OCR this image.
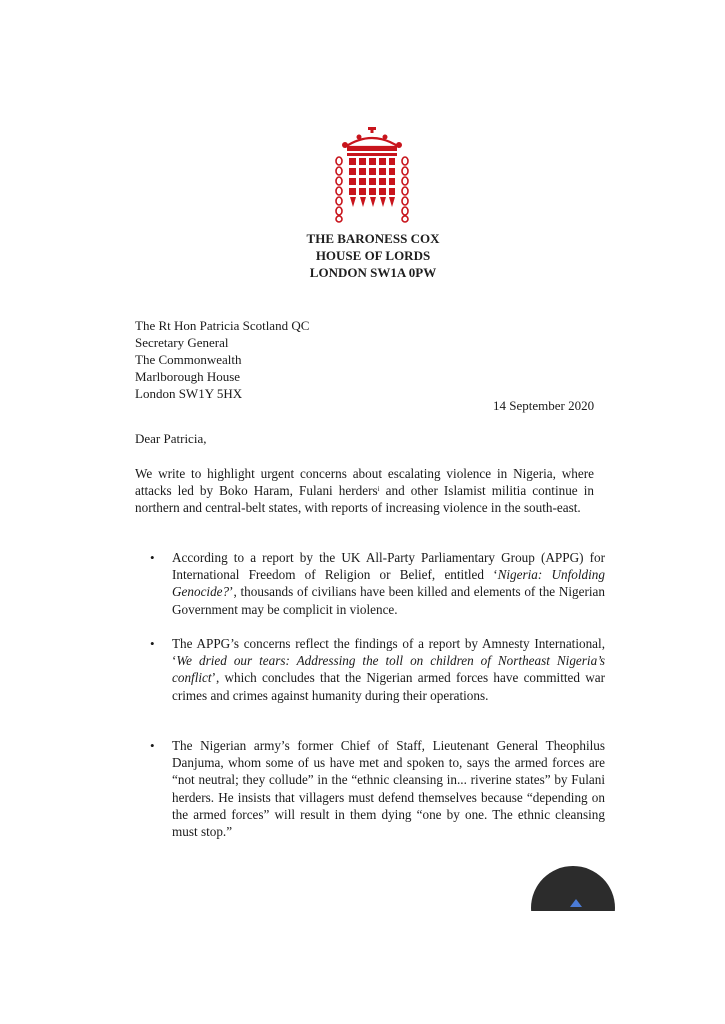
THE BARONESS COX
HOUSE OF LORDS
LONDON SW1A 0PW
The Rt Hon Patricia Scotland QC
Secretary General
The Commonwealth
Marlborough House
London SW1Y 5HX
14 September 2020
Dear Patricia,

We write to highlight urgent concerns about escalating violence in Nigeria, where attacks led by Boko Haram, Fulani herders$^i$ and other Islamist militia continue in northern and central-belt states, with reports of increasing violence in the south-east.

• According to a report by the UK All-Party Parliamentary Group (APPG) for International Freedom of Religion or Belief, entitled ‘Nigeria: Unfolding Genocide?’, thousands of civilians have been killed and elements of the Nigerian Government may be complicit in violence.

• The APPG’s concerns reflect the findings of a report by Amnesty International, ‘We dried our tears: Addressing the toll on children of Northeast Nigeria’s conflict’, which concludes that the Nigerian armed forces have committed war crimes and crimes against humanity during their operations.

• The Nigerian army’s former Chief of Staff, Lieutenant General Theophilus Danjuma, whom some of us have met and spoken to, says the armed forces are “not neutral; they collude” in the “ethnic cleansing in... riverine states” by Fulani herders. He insists that villagers must defend themselves because “depending on the armed forces” will result in them dying “one by one. The ethnic cleansing must stop.”
